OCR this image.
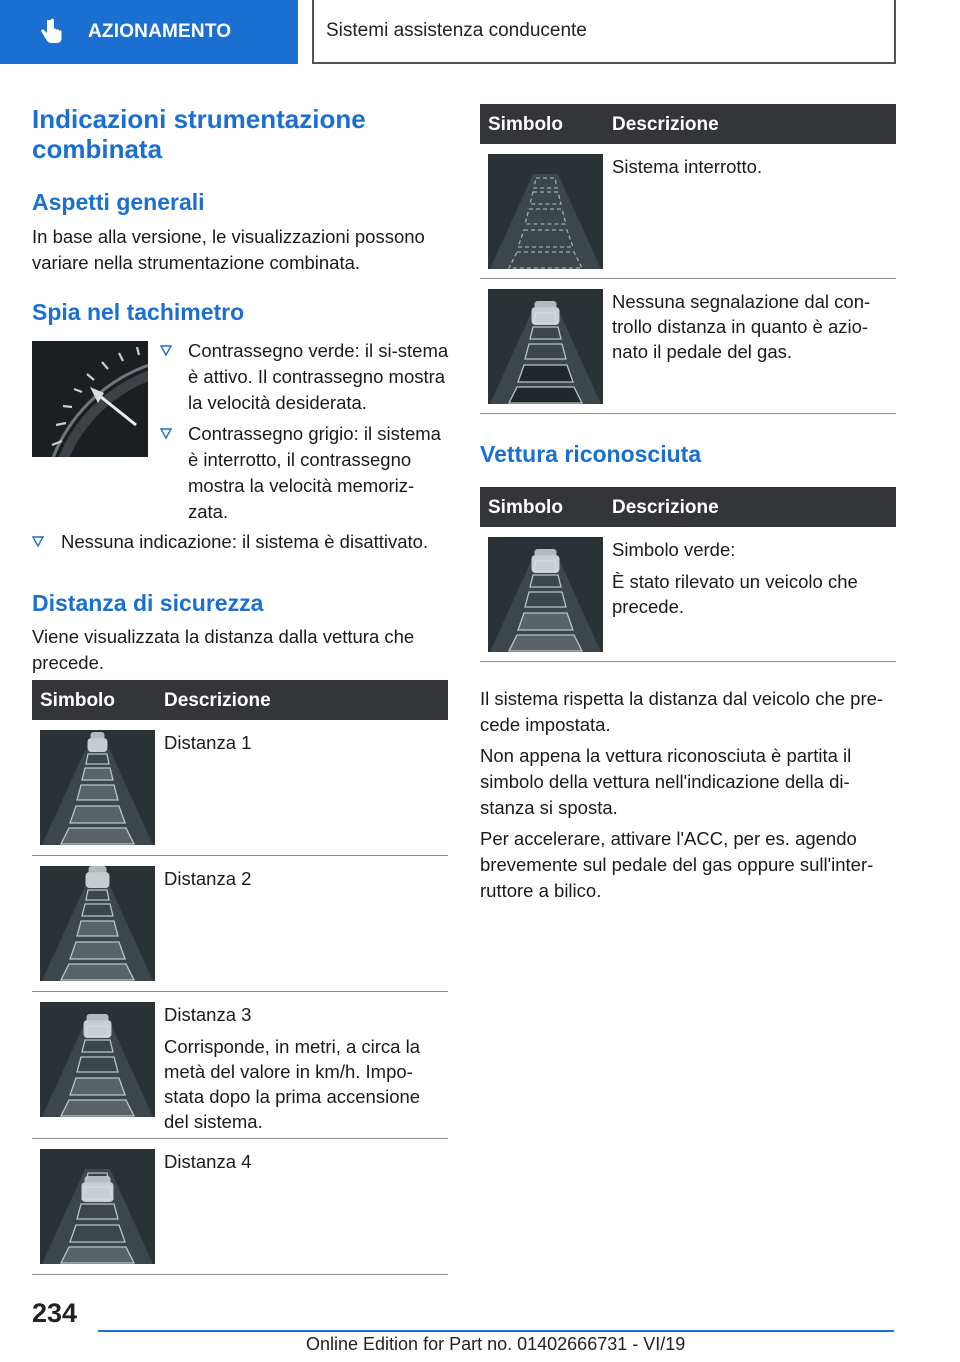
AZIONAMENTO	Sistemi assistenza conducente
Indicazioni strumentazione combinata
Aspetti generali
In base alla versione, le visualizzazioni possono variare nella strumentazione combinata.
Spia nel tachimetro
Contrassegno verde: il si-stema è attivo. Il contrassegno mostra la velocità desiderata.
Contrassegno grigio: il sistema è interrotto, il contrassegno mostra la velocità memoriz-zata.
Nessuna indicazione: il sistema è disattivato.
Distanza di sicurezza
Viene visualizzata la distanza dalla vettura che precede.
Simbolo	Descrizione

Distanza 1

Distanza 2

Distanza 3

Corrisponde, in metri, a circa la metà del valore in km/h. Impo-stata dopo la prima accensione del sistema.

Distanza 4

Simbolo	Descrizione

Sistema interrotto.

Nessuna segnalazione dal con-trollo distanza in quanto è azio-nato il pedale del gas.

Vettura riconosciuta
Simbolo	Descrizione

Simbolo verde:

È stato rilevato un veicolo che precede.

Il sistema rispetta la distanza dal veicolo che pre-cede impostata.
Non appena la vettura riconosciuta è partita il simbolo della vettura nell'indicazione della di-stanza si sposta.
Per accelerare, attivare l'ACC, per es. agendo brevemente sul pedale del gas oppure sull'inter-ruttore a bilico.
234
Online Edition for Part no. 01402666731 - VI/19
